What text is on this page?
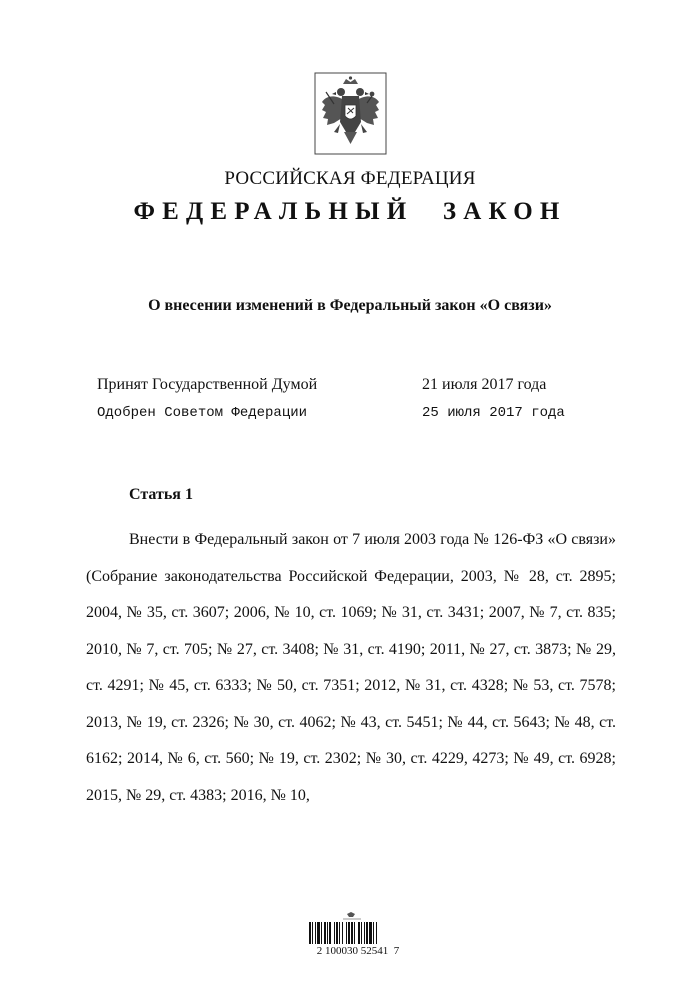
РОССИЙСКАЯ ФЕДЕРАЦИЯ
ФЕДЕРАЛЬНЫЙ ЗАКОН
О внесении изменений в Федеральный закон «О связи»
Принят Государственной Думой	21 июля 2017 года
Одобрен Советом Федерации	25 июля 2017 года
Статья 1

Внести в Федеральный закон от 7 июля 2003 года № 126-ФЗ «О связи» (Собрание законодательства Российской Федерации, 2003, № 28, ст. 2895; 2004, № 35, ст. 3607; 2006, № 10, ст. 1069; № 31, ст. 3431; 2007, № 7, ст. 835; 2010, № 7, ст. 705; № 27, ст. 3408; № 31, ст. 4190; 2011, № 27, ст. 3873; № 29, ст. 4291; № 45, ст. 6333; № 50, ст. 7351; 2012, № 31, ст. 4328; № 53, ст. 7578; 2013, № 19, ст. 2326; № 30, ст. 4062; № 43, ст. 5451; № 44, ст. 5643; № 48, ст. 6162; 2014, № 6, ст. 560; № 19, ст. 2302; № 30, ст. 4229, 4273; № 49, ст. 6928; 2015, № 29, ст. 4383; 2016, № 10,

2 100030 52541  7
